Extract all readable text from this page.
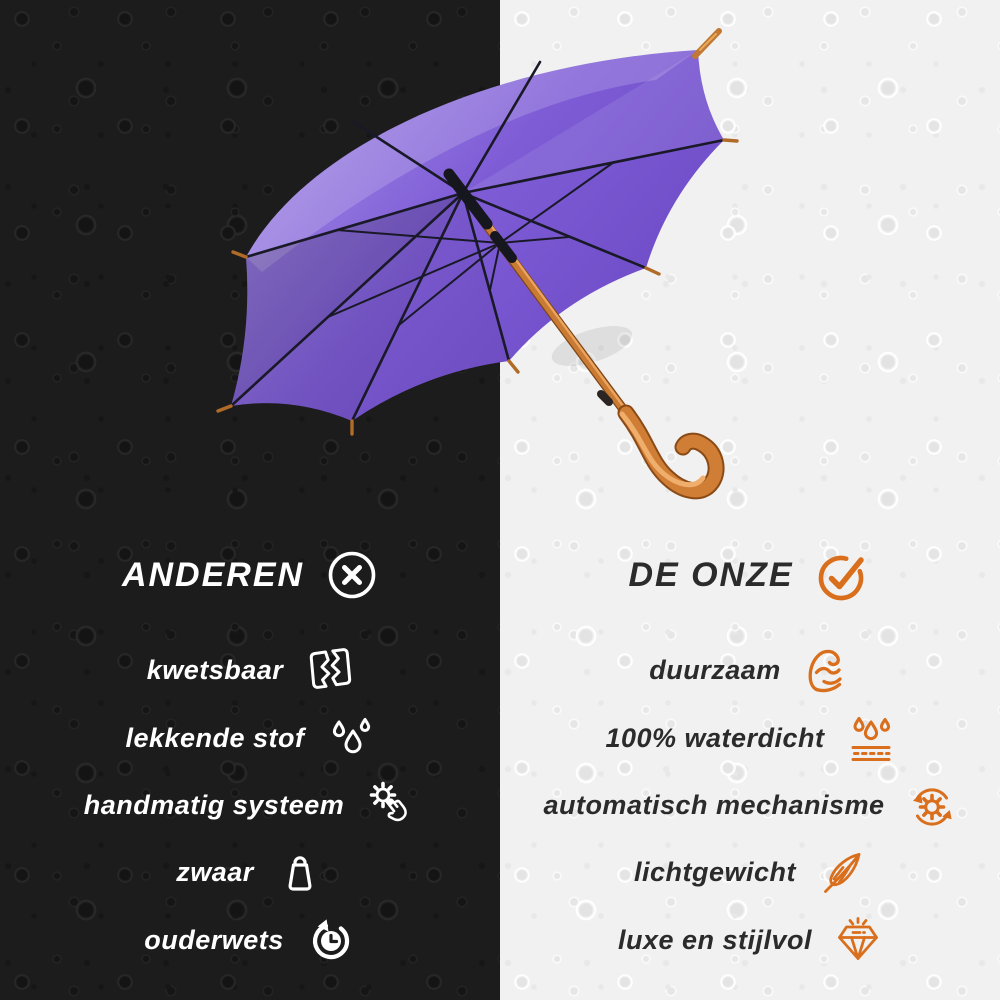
ANDEREN
kwetsbaar
lekkende stof
handmatig systeem
zwaar
ouderwets
DE ONZE
duurzaam
100% waterdicht
automatisch mechanisme
lichtgewicht
luxe en stijlvol
